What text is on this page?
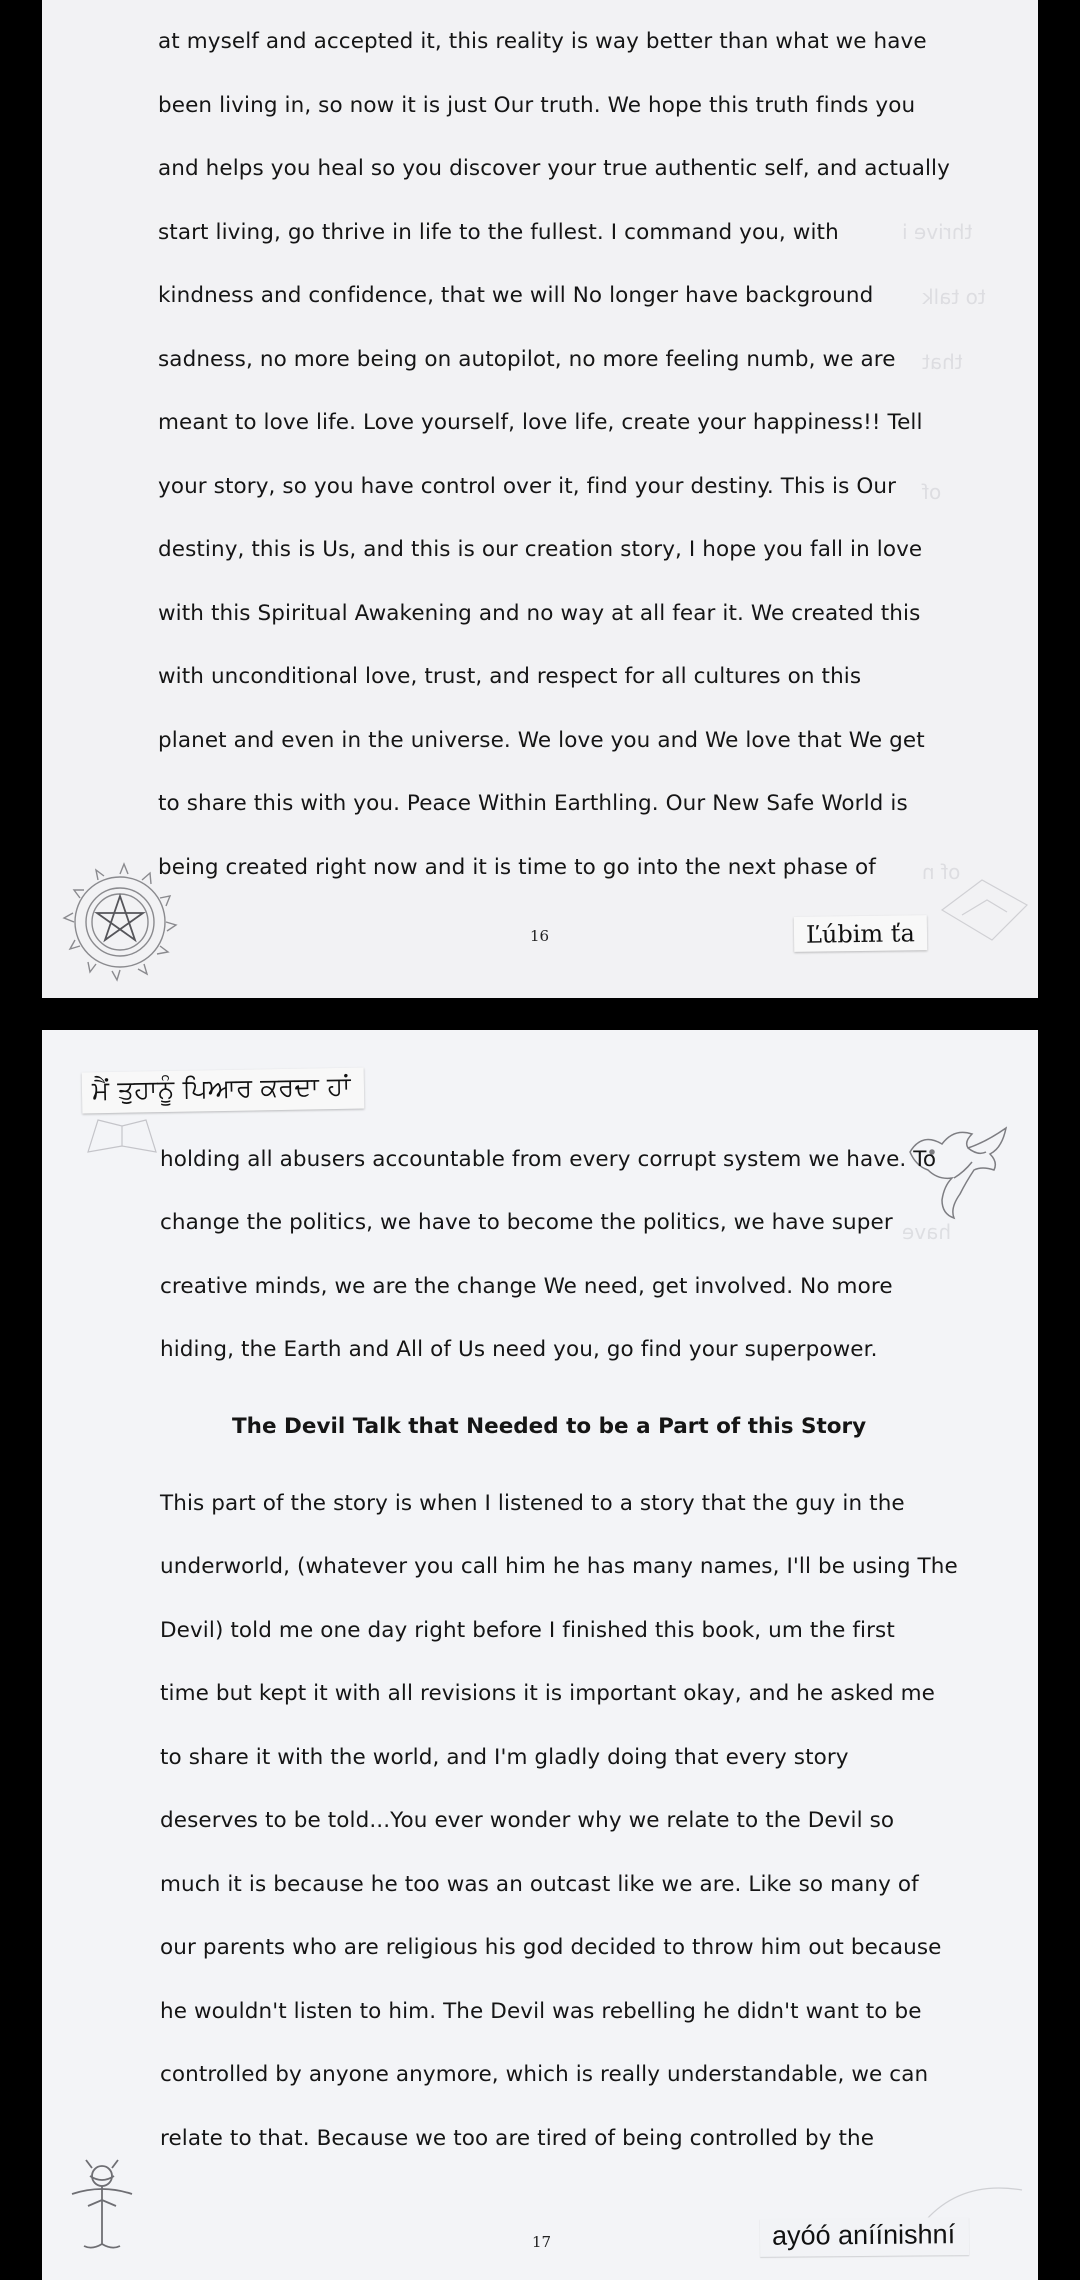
thrive i
to talk
that
of
of n
at myself and accepted it, this reality is way better than what we have
been living in, so now it is just Our truth. We hope this truth finds you
and helps you heal so you discover your true authentic self, and actually
start living, go thrive in life to the fullest. I command you, with
kindness and confidence, that we will No longer have background
sadness, no more being on autopilot, no more feeling numb, we are
meant to love life. Love yourself, love life, create your happiness!! Tell
your story, so you have control over it, find your destiny. This is Our
destiny, this is Us, and this is our creation story, I hope you fall in love
with this Spiritual Awakening and no way at all fear it. We created this
with unconditional love, trust, and respect for all cultures on this
planet and even in the universe. We love you and We love that We get
to share this with you. Peace Within Earthling. Our New Safe World is
being created right now and it is time to go into the next phase of
16	Ľúbim ťa
have
ਮੈਂ ਤੁਹਾਨੂੰ ਪਿਆਰ ਕਰਦਾ ਹਾਂ
holding all abusers accountable from every corrupt system we have. To
change the politics, we have to become the politics, we have super
creative minds, we are the change We need, get involved. No more
hiding, the Earth and All of Us need you, go find your superpower.
The Devil Talk that Needed to be a Part of this Story
This part of the story is when I listened to a story that the guy in the
underworld, (whatever you call him he has many names, I'll be using The
Devil) told me one day right before I finished this book, um the first
time but kept it with all revisions it is important okay, and he asked me
to share it with the world, and I'm gladly doing that every story
deserves to be told...You ever wonder why we relate to the Devil so
much it is because he too was an outcast like we are. Like so many of
our parents who are religious his god decided to throw him out because
he wouldn't listen to him. The Devil was rebelling he didn't want to be
controlled by anyone anymore, which is really understandable, we can
relate to that. Because we too are tired of being controlled by the
17	ayóó aníínishní
